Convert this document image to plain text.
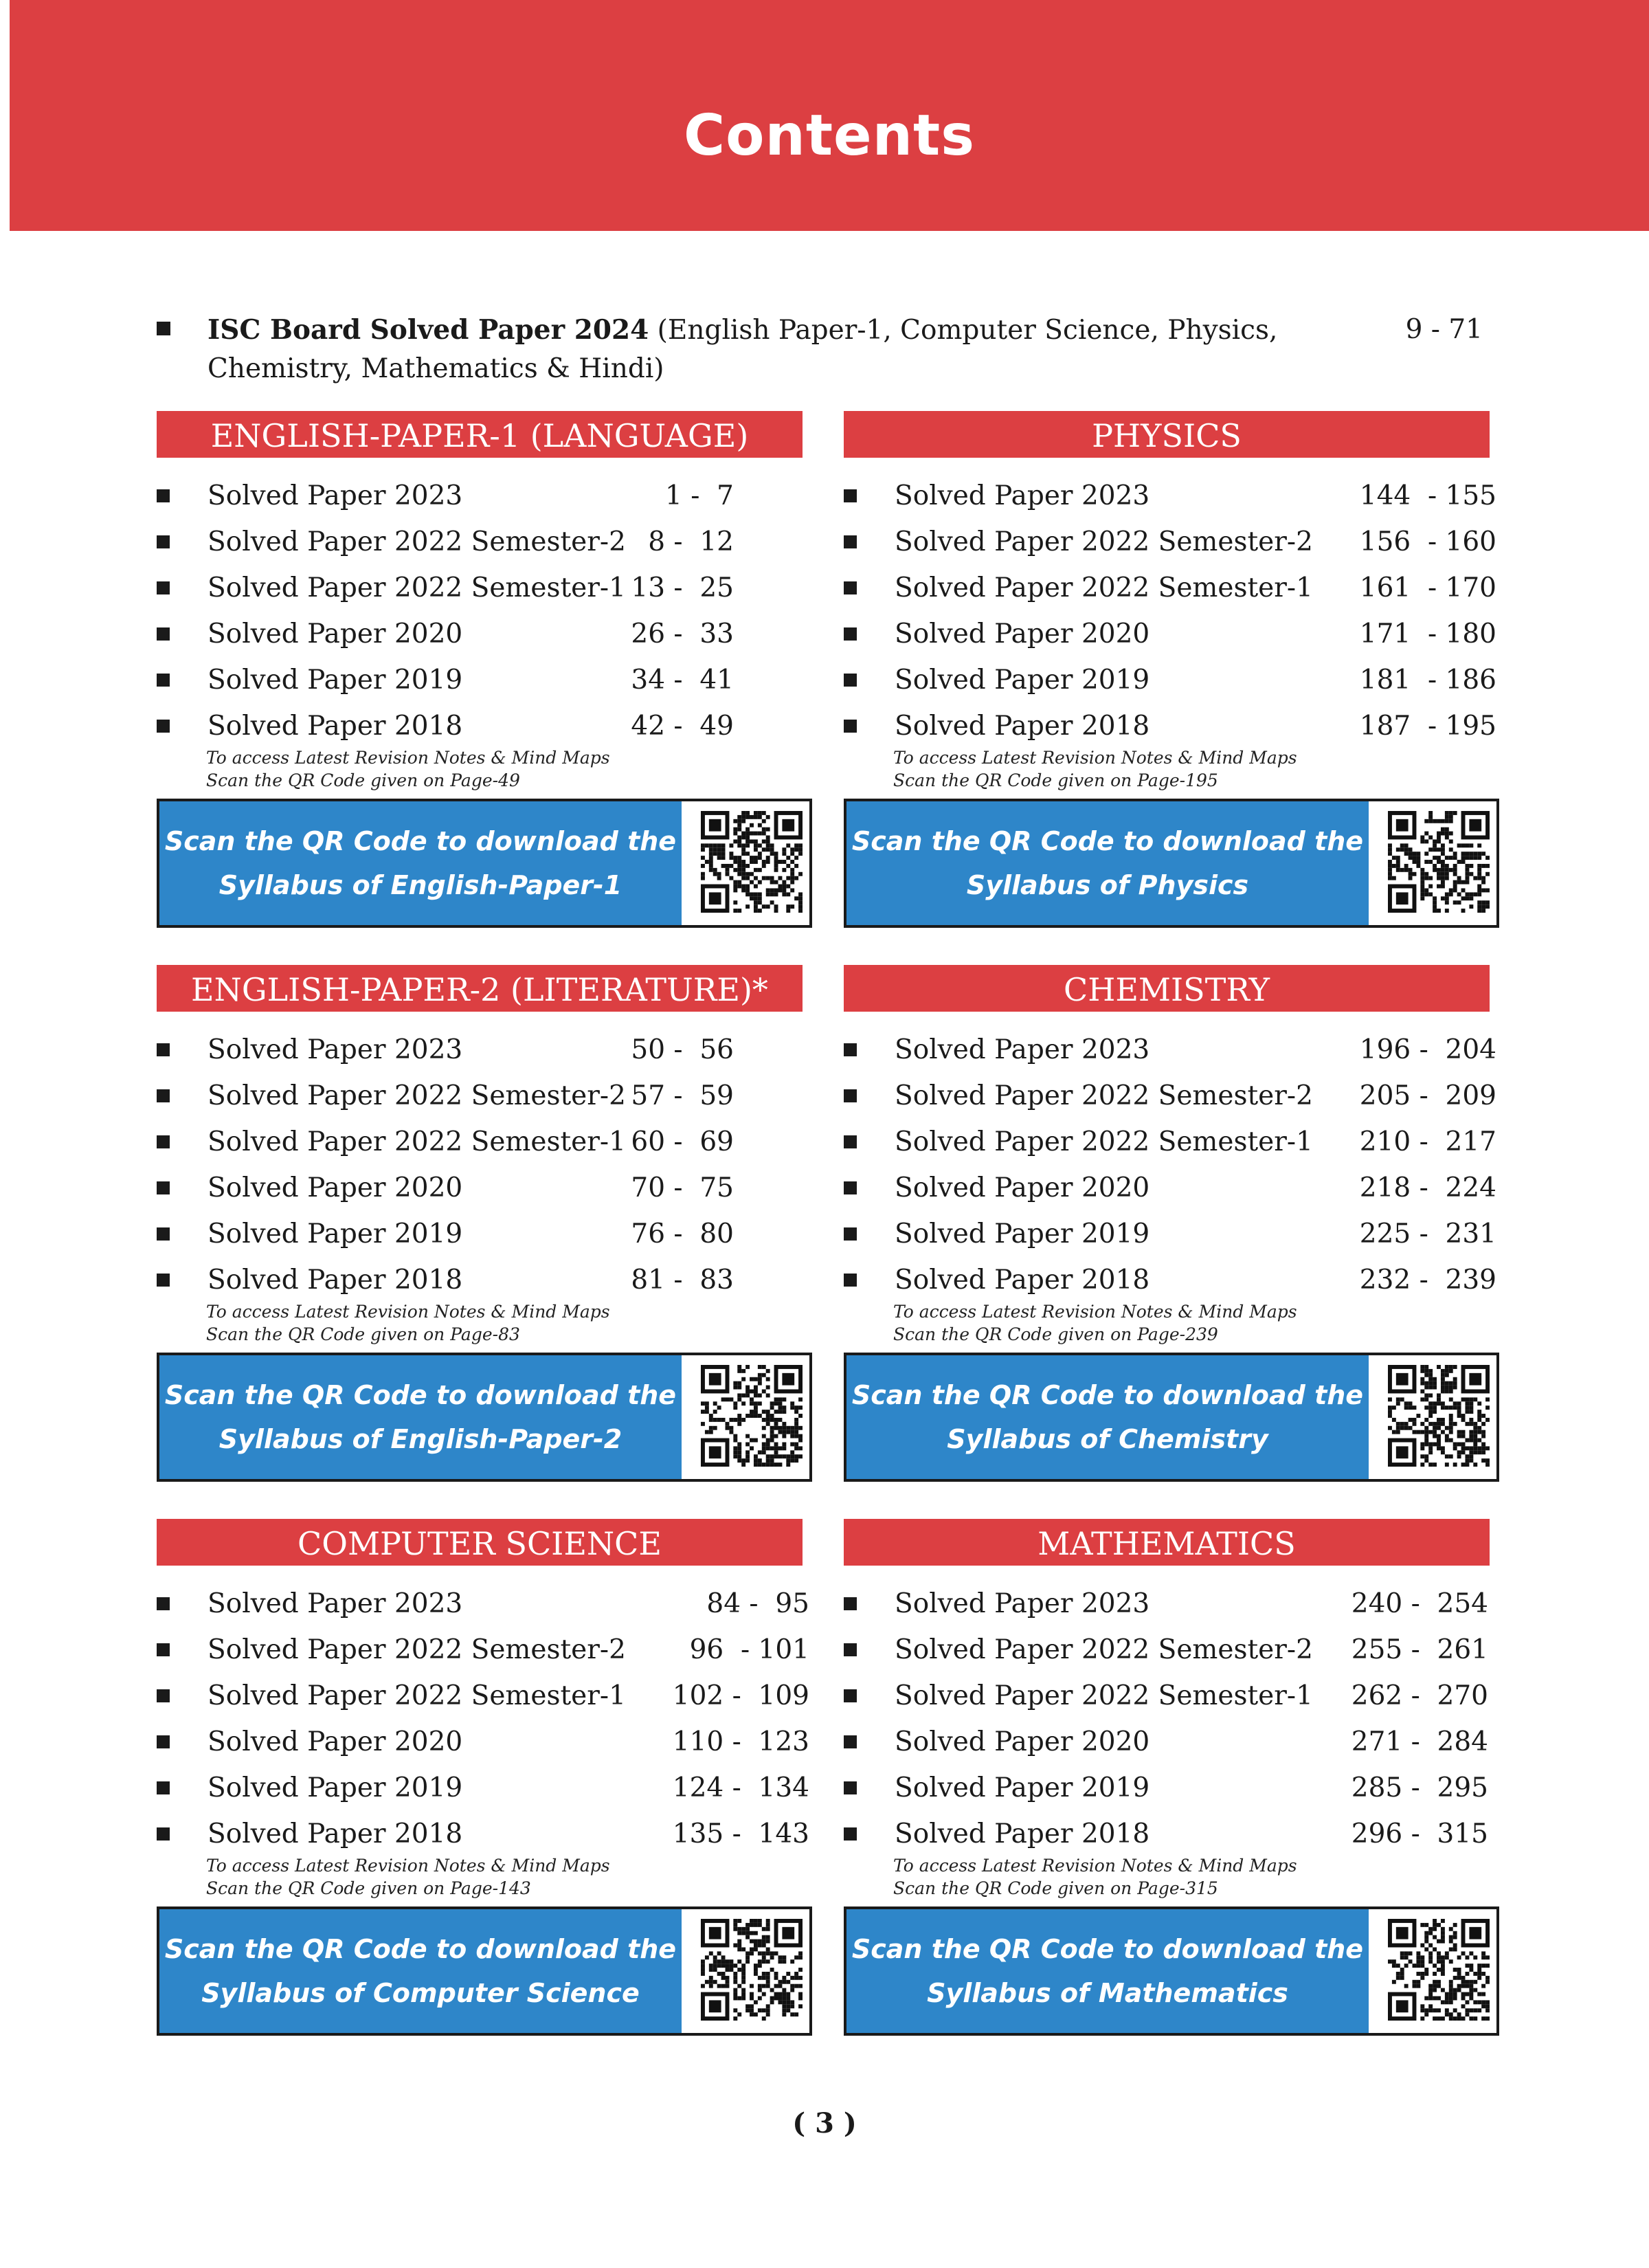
Contents
ISC Board Solved Paper 2024 (English Paper-1, Computer Science, Physics, Chemistry, Mathematics & Hindi)
9 - 71
ENGLISH-PAPER-1 (LANGUAGE)
Solved Paper 2023	1 -  7
Solved Paper 2022 Semester-2 8 -  12
Solved Paper 2022 Semester-1 13 -  25
Solved Paper 2020	26 -  33
Solved Paper 2019	34 -  41
Solved Paper 2018	42 -  49
To access Latest Revision Notes & Mind Maps
Scan the QR Code given on Page-49
Scan the QR Code to download the
Syllabus of English-Paper-1
PHYSICS
Solved Paper 2023	144  - 155
Solved Paper 2022 Semester-2 156  - 160
Solved Paper 2022 Semester-1 161  - 170
Solved Paper 2020	171  - 180
Solved Paper 2019	181  - 186
Solved Paper 2018	187  - 195
To access Latest Revision Notes & Mind Maps
Scan the QR Code given on Page-195
Scan the QR Code to download the
Syllabus of Physics
ENGLISH-PAPER-2 (LITERATURE)*
Solved Paper 2023	50 -  56
Solved Paper 2022 Semester-2 57 -  59
Solved Paper 2022 Semester-1 60 -  69
Solved Paper 2020	70 -  75
Solved Paper 2019	76 -  80
Solved Paper 2018	81 -  83
To access Latest Revision Notes & Mind Maps
Scan the QR Code given on Page-83
Scan the QR Code to download the
Syllabus of English-Paper-2
CHEMISTRY
Solved Paper 2023	196 -  204
Solved Paper 2022 Semester-2 205 -  209
Solved Paper 2022 Semester-1 210 -  217
Solved Paper 2020	218 -  224
Solved Paper 2019	225 -  231
Solved Paper 2018	232 -  239
To access Latest Revision Notes & Mind Maps
Scan the QR Code given on Page-239
Scan the QR Code to download the
Syllabus of Chemistry
COMPUTER SCIENCE
Solved Paper 2023	84 -  95
Solved Paper 2022 Semester-2 96  - 101
Solved Paper 2022 Semester-1 102 -  109
Solved Paper 2020	110 -  123
Solved Paper 2019	124 -  134
Solved Paper 2018	135 -  143
To access Latest Revision Notes & Mind Maps
Scan the QR Code given on Page-143
Scan the QR Code to download the
Syllabus of Computer Science
MATHEMATICS
Solved Paper 2023	240 -  254
Solved Paper 2022 Semester-2 255 -  261
Solved Paper 2022 Semester-1 262 -  270
Solved Paper 2020	271 -  284
Solved Paper 2019	285 -  295
Solved Paper 2018	296 -  315
To access Latest Revision Notes & Mind Maps
Scan the QR Code given on Page-315
Scan the QR Code to download the
Syllabus of Mathematics
( 3 )
